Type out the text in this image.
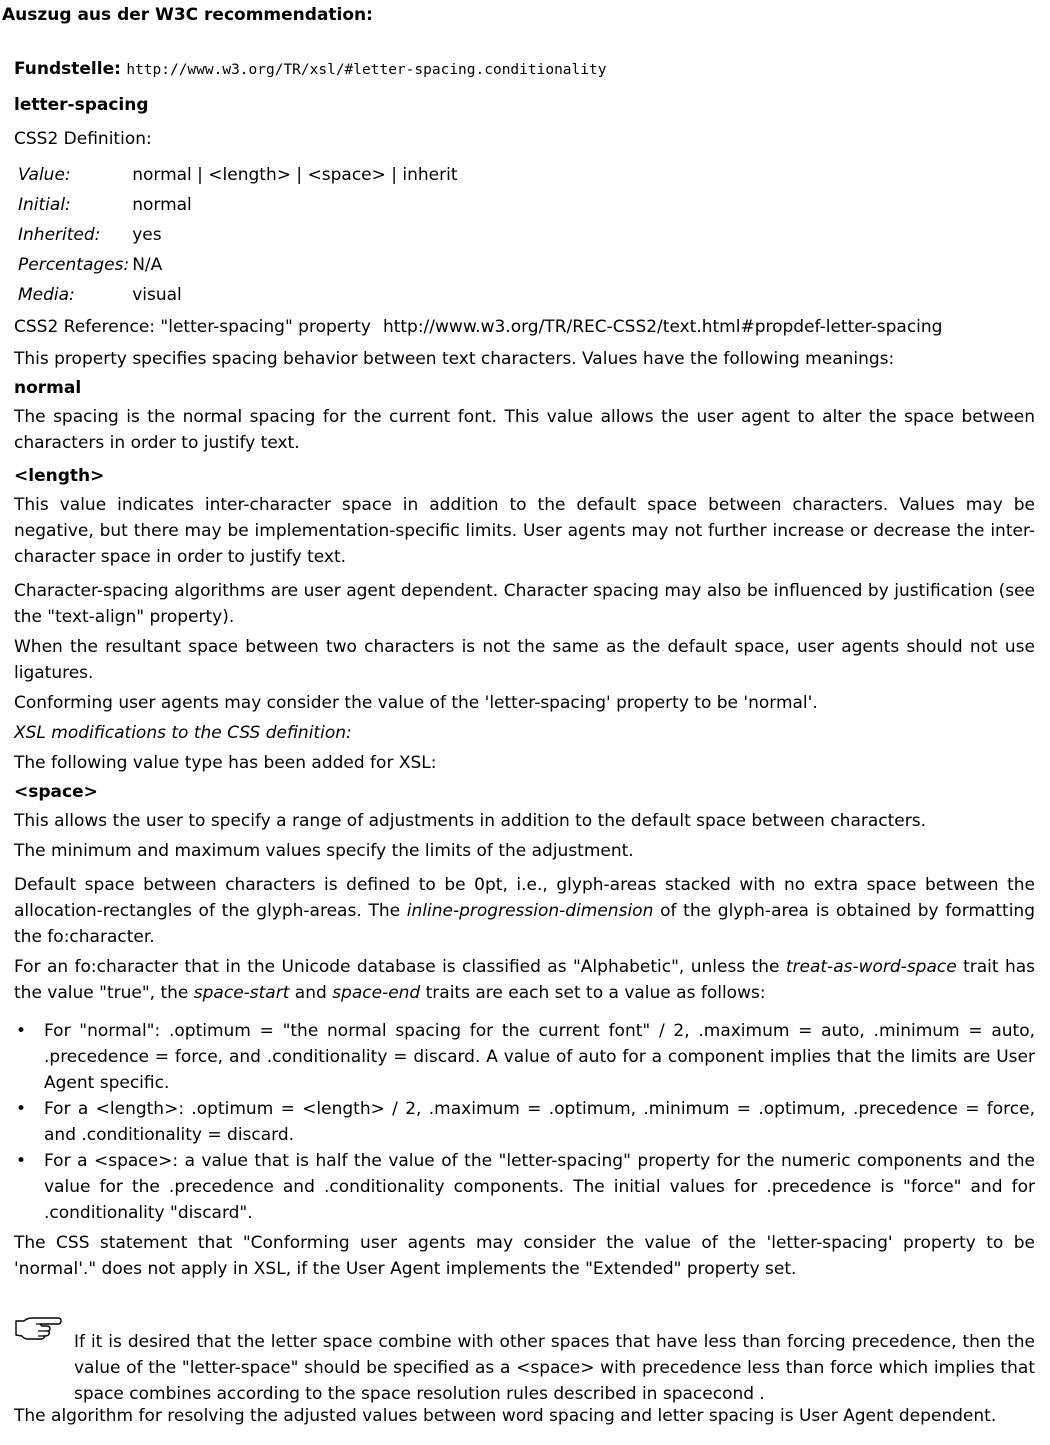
Auszug aus der W3C recommendation:

Fundstelle: http://www.w3.org/TR/xsl/#letter-spacing.conditionality

letter-spacing

CSS2 Definition:

Value:	normal | <length> | <space> | inherit
Initial:	normal
Inherited:	yes
Percentages:	N/A
Media:	visual

CSS2 Reference: "letter-spacing" property http://www.w3.org/TR/REC-CSS2/text.html#propdef-letter-spacing

This property specifies spacing behavior between text characters. Values have the following meanings:

normal

The spacing is the normal spacing for the current font. This value allows the user agent to alter the space between characters in order to justify text.

<length>

This value indicates inter-character space in addition to the default space between characters. Values may be negative, but there may be implementation-specific limits. User agents may not further increase or decrease the inter-character space in order to justify text.

Character-spacing algorithms are user agent dependent. Character spacing may also be influenced by justification (see the "text-align" property).

When the resultant space between two characters is not the same as the default space, user agents should not use ligatures.

Conforming user agents may consider the value of the 'letter-spacing' property to be 'normal'.

XSL modifications to the CSS definition:

The following value type has been added for XSL:

<space>

This allows the user to specify a range of adjustments in addition to the default space between characters.

The minimum and maximum values specify the limits of the adjustment.

Default space between characters is defined to be 0pt, i.e., glyph-areas stacked with no extra space between the allocation-rectangles of the glyph-areas. The inline-progression-dimension of the glyph-area is obtained by formatting the fo:character.

For an fo:character that in the Unicode database is classified as "Alphabetic", unless the treat-as-word-space trait has the value "true", the space-start and space-end traits are each set to a value as follows:

• For "normal": .optimum = "the normal spacing for the current font" / 2, .maximum = auto, .minimum = auto, .precedence = force, and .conditionality = discard. A value of auto for a component implies that the limits are User Agent specific.
• For a <length>: .optimum = <length> / 2, .maximum = .optimum, .minimum = .optimum, .precedence = force, and .conditionality = discard.
• For a <space>: a value that is half the value of the "letter-spacing" property for the numeric components and the value for the .precedence and .conditionality components. The initial values for .precedence is "force" and for .conditionality "discard".

The CSS statement that "Conforming user agents may consider the value of the 'letter-spacing' property to be 'normal'." does not apply in XSL, if the User Agent implements the "Extended" property set.

If it is desired that the letter space combine with other spaces that have less than forcing precedence, then the value of the "letter-space" should be specified as a <space> with precedence less than force which implies that space combines according to the space resolution rules described in spacecond .

The algorithm for resolving the adjusted values between word spacing and letter spacing is User Agent dependent.
